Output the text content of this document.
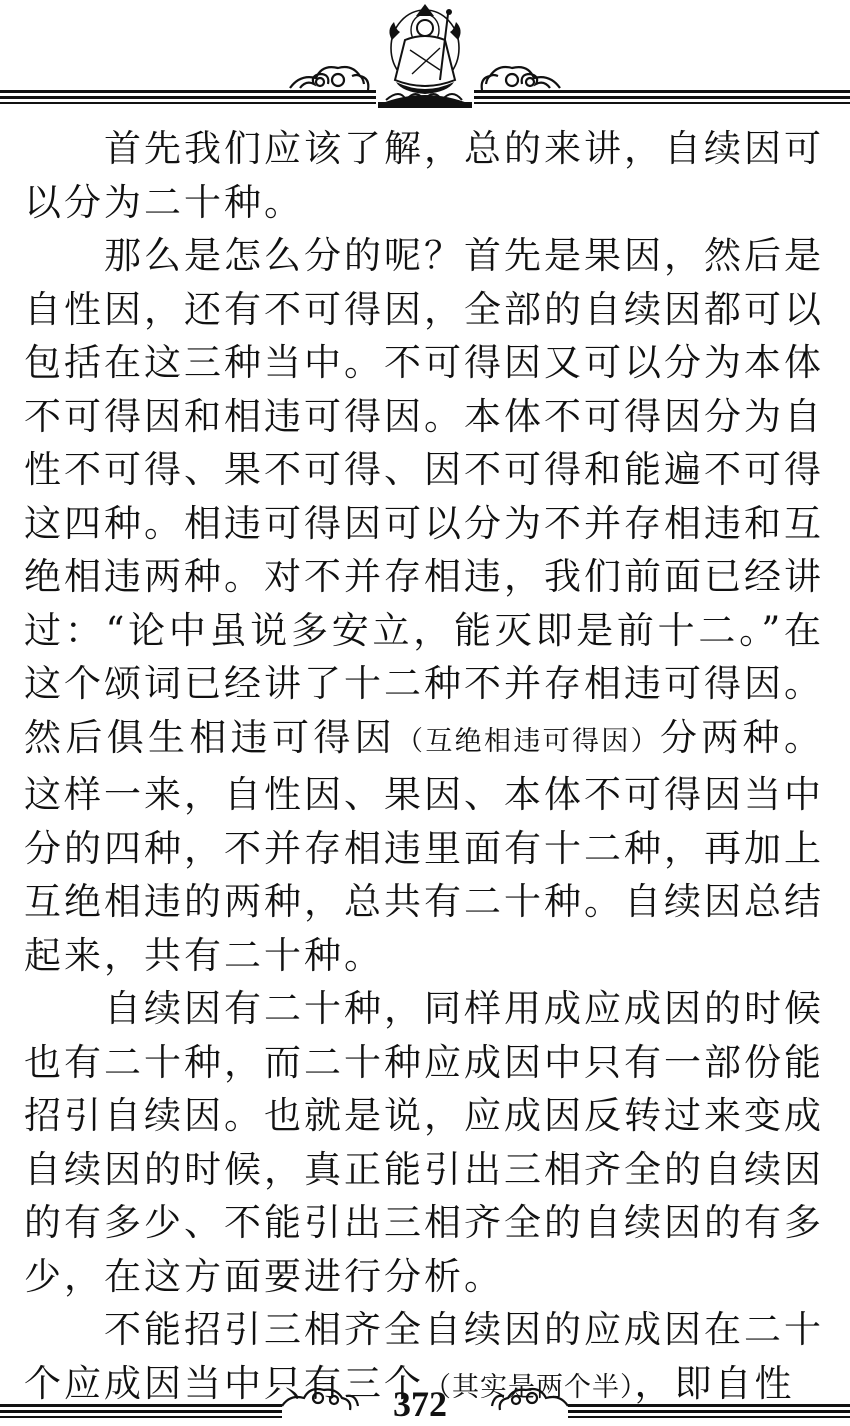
首先我们应该了解，总的来讲，自续因可以分为二十种。

那么是怎么分的呢？首先是果因，然后是自性因，还有不可得因，全部的自续因都可以包括在这三种当中。不可得因又可以分为本体不可得因和相违可得因。本体不可得因分为自性不可得、果不可得、因不可得和能遍不可得这四种。相违可得因可以分为不并存相违和互绝相违两种。对不并存相违，我们前面已经讲过：“论中虽说多安立，能灭即是前十二。”在这个颂词已经讲了十二种不并存相违可得因。然后俱生相违可得因（互绝相违可得因）分两种。这样一来，自性因、果因、本体不可得因当中分的四种，不并存相违里面有十二种，再加上互绝相违的两种，总共有二十种。自续因总结起来，共有二十种。

自续因有二十种，同样用成应成因的时候也有二十种，而二十种应成因中只有一部份能招引自续因。也就是说，应成因反转过来变成自续因的时候，真正能引出三相齐全的自续因的有多少、不能引出三相齐全的自续因的有多少，在这方面要进行分析。

不能招引三相齐全自续因的应成因在二十个应成因当中只有三个（其实是两个半），即自性

372
